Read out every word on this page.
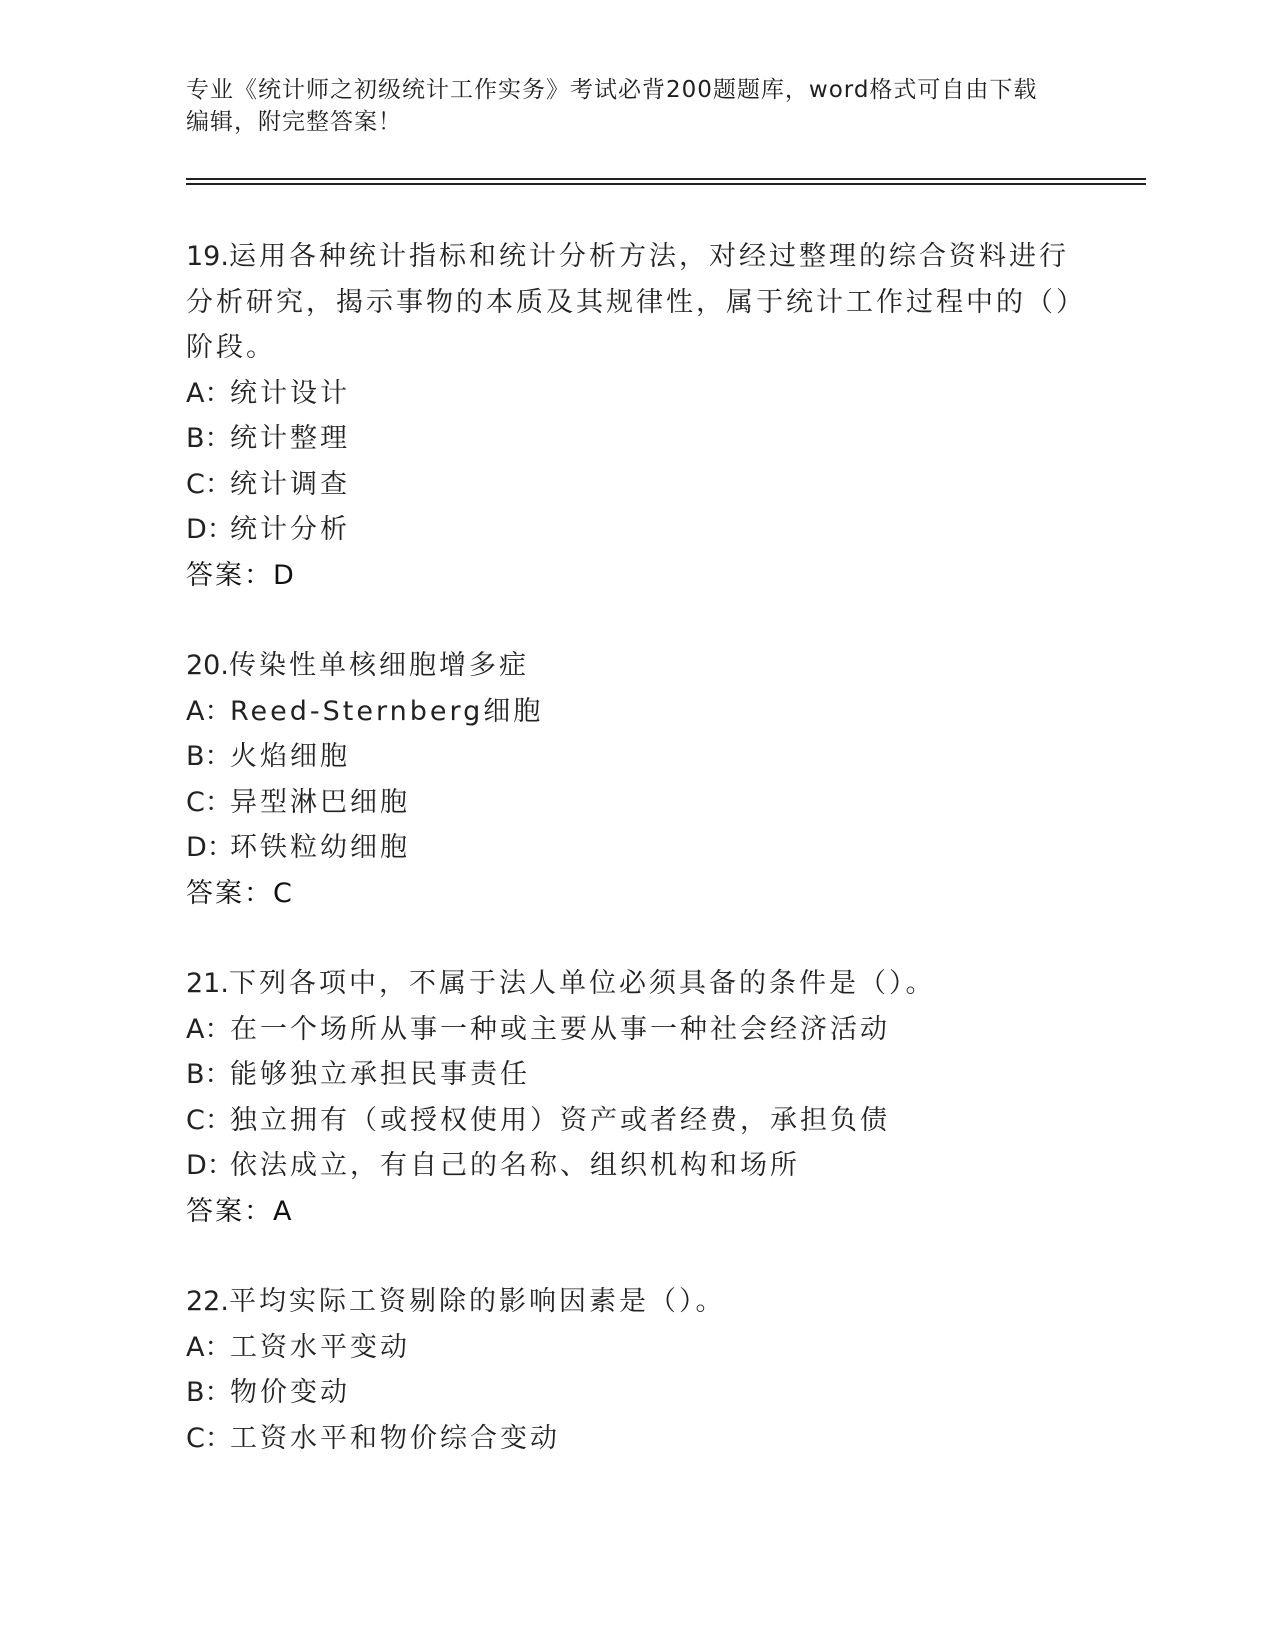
专业《统计师之初级统计工作实务》考试必背200题题库，word格式可自由下载
编辑，附完整答案！
19.运用各种统计指标和统计分析方法，对经过整理的综合资料进行分析研究，揭示事物的本质及其规律性，属于统计工作过程中的（）阶段。
A：统计设计
B：统计整理
C：统计调查
D：统计分析
答案：D
20.传染性单核细胞增多症
A：Reed-Sternberg细胞
B：火焰细胞
C：异型淋巴细胞
D：环铁粒幼细胞
答案：C
21.下列各项中，不属于法人单位必须具备的条件是（）。
A：在一个场所从事一种或主要从事一种社会经济活动
B：能够独立承担民事责任
C：独立拥有（或授权使用）资产或者经费，承担负债
D：依法成立，有自己的名称、组织机构和场所
答案：A
22.平均实际工资剔除的影响因素是（）。
A：工资水平变动
B：物价变动
C：工资水平和物价综合变动
